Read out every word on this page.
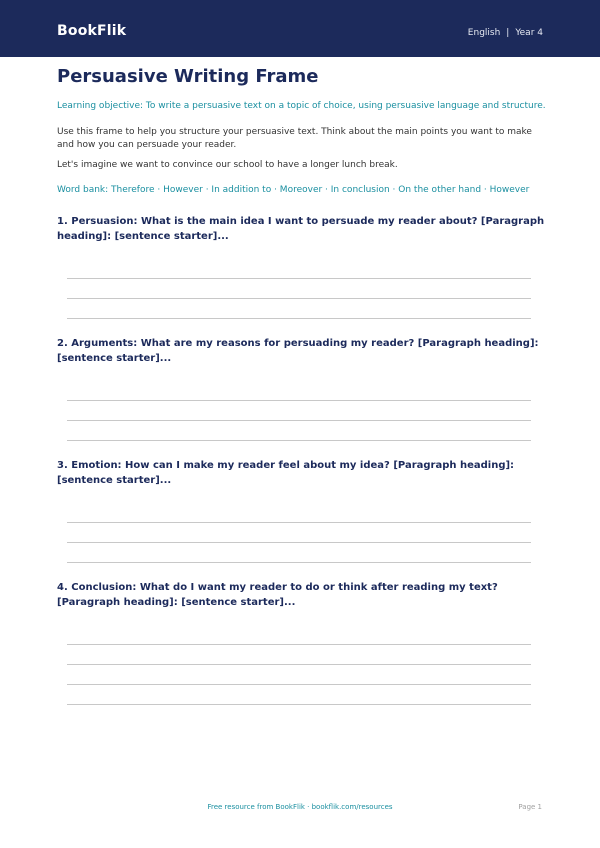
BookFlik	English | Year 4
Persuasive Writing Frame
Learning objective: To write a persuasive text on a topic of choice, using persuasive language and structure.
Use this frame to help you structure your persuasive text. Think about the main points you want to make and how you can persuade your reader.
Let's imagine we want to convince our school to have a longer lunch break.
Word bank: Therefore · However · In addition to · Moreover · In conclusion · On the other hand · However
1. Persuasion: What is the main idea I want to persuade my reader about? [Paragraph heading]: [sentence starter]...
2. Arguments: What are my reasons for persuading my reader? [Paragraph heading]: [sentence starter]...
3. Emotion: How can I make my reader feel about my idea? [Paragraph heading]: [sentence starter]...
4. Conclusion: What do I want my reader to do or think after reading my text? [Paragraph heading]: [sentence starter]...
Free resource from BookFlik · bookflik.com/resources	Page 1
